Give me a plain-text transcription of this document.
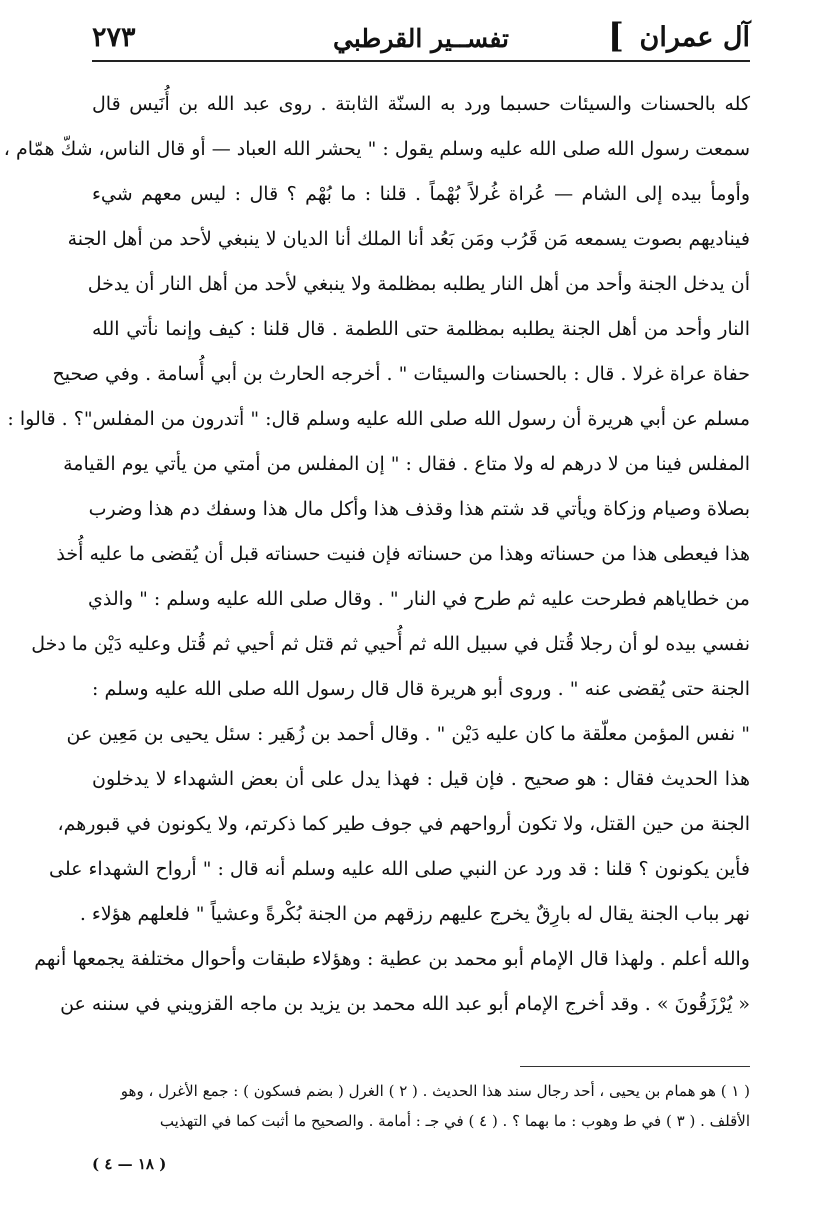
آل عمران
]
تفســير القرطبي
٢٧٣
كله بالحسنات والسيئات حسبما ورد به السنّة الثابتة . روى عبد الله بن أُنَيس قال
سمعت رسول الله صلى الله عليه وسلم يقول : " يحشر الله العباد — أو قال الناس، شكّ همّام ،
وأومأ بيده إلى الشام — عُراة غُرلاً بُهْماً . قلنا : ما بُهْم ؟ قال : ليس معهم شيء
فيناديهم بصوت يسمعه مَن قَرُب ومَن بَعُد أنا الملك أنا الديان لا ينبغي لأحد من أهل الجنة
أن يدخل الجنة وأحد من أهل النار يطلبه بمظلمة ولا ينبغي لأحد من أهل النار أن يدخل
النار وأحد من أهل الجنة يطلبه بمظلمة حتى اللطمة . قال قلنا : كيف وإنما نأتي الله
حفاة عراة غرلا . قال : بالحسنات والسيئات " . أخرجه الحارث بن أبي أُسامة . وفي صحيح
مسلم عن أبي هريرة أن رسول الله صلى الله عليه وسلم قال: " أتدرون من المفلس"؟ . قالوا :
المفلس فينا من لا درهم له ولا متاع . فقال : " إن المفلس من أمتي من يأتي يوم القيامة
بصلاة وصيام وزكاة ويأتي قد شتم هذا وقذف هذا وأكل مال هذا وسفك دم هذا وضرب
هذا فيعطى هذا من حسناته وهذا من حسناته فإن فنيت حسناته قبل أن يُقضى ما عليه أُخذ
من خطاياهم فطرحت عليه ثم طرح في النار " . وقال صلى الله عليه وسلم : " والذي
نفسي بيده لو أن رجلا قُتل في سبيل الله ثم أُحيي ثم قتل ثم أحيي ثم قُتل وعليه دَيْن ما دخل
الجنة حتى يُقضى عنه " . وروى أبو هريرة قال قال رسول الله صلى الله عليه وسلم :
" نفس المؤمن معلّقة ما كان عليه دَيْن " . وقال أحمد بن زُهَير : سئل يحيى بن مَعِين عن
هذا الحديث فقال : هو صحيح . فإن قيل : فهذا يدل على أن بعض الشهداء لا يدخلون
الجنة من حين القتل، ولا تكون أرواحهم في جوف طير كما ذكرتم، ولا يكونون في قبورهم،
فأين يكونون ؟ قلنا : قد ورد عن النبي صلى الله عليه وسلم أنه قال : " أرواح الشهداء على
نهر بباب الجنة يقال له بارِقٌ يخرج عليهم رزقهم من الجنة بُكْرةً وعشياً " فلعلهم هؤلاء .
والله أعلم . ولهذا قال الإمام أبو محمد بن عطية : وهؤلاء طبقات وأحوال مختلفة يجمعها أنهم
« يُرْزَقُونَ » . وقد أخرج الإمام أبو عبد الله محمد بن يزيد بن ماجه القزويني في سننه عن
( ١ ) هو همام بن يحيى ، أحد رجال سند هذا الحديث . ( ٢ ) الغرل ( بضم فسكون ) : جمع الأغرل ، وهو
الأقلف . ( ٣ ) في ط وهوب : ما بهما ؟ . ( ٤ ) في جـ : أمامة . والصحيح ما أثبت كما في التهذيب
( ١٨ — ٤ )
